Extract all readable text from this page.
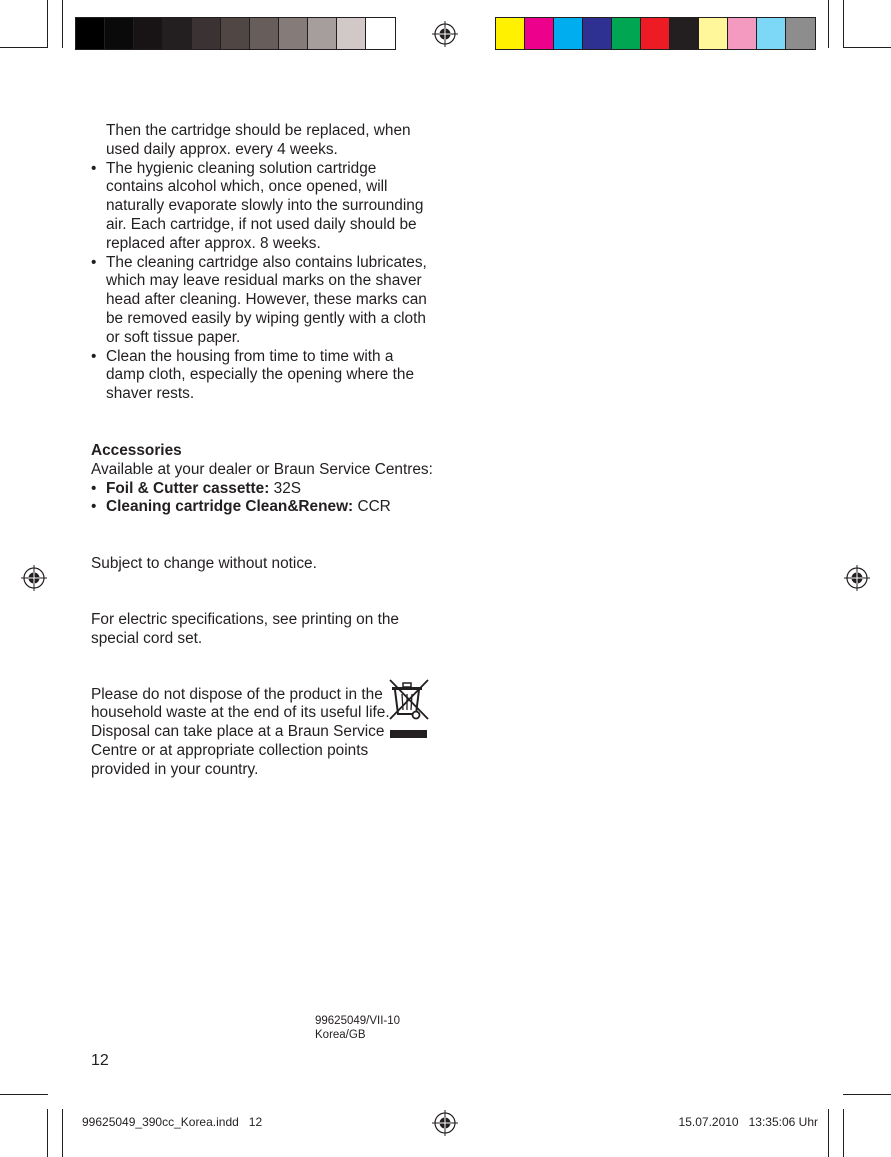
Then the cartridge should be replaced, when used daily approx. every 4 weeks.
• The hygienic cleaning solution cartridge contains alcohol which, once opened, will naturally evaporate slowly into the surrounding air. Each cartridge, if not used daily should be replaced after approx. 8 weeks.
• The cleaning cartridge also contains lubricates, which may leave residual marks on the shaver head after cleaning. However, these marks can be removed easily by wiping gently with a cloth or soft tissue paper.
• Clean the housing from time to time with a damp cloth, especially the opening where the shaver rests.
Accessories
Available at your dealer or Braun Service Centres:
• Foil & Cutter cassette: 32S
• Cleaning cartridge Clean&Renew: CCR
Subject to change without notice.
For electric specifications, see printing on the special cord set.
Please do not dispose of the product in the household waste at the end of its useful life. Disposal can take place at a Braun Service Centre or at appropriate collection points provided in your country.
99625049/VII-10
Korea/GB
12
99625049_390cc_Korea.indd   12	15.07.2010   13:35:06 Uhr
